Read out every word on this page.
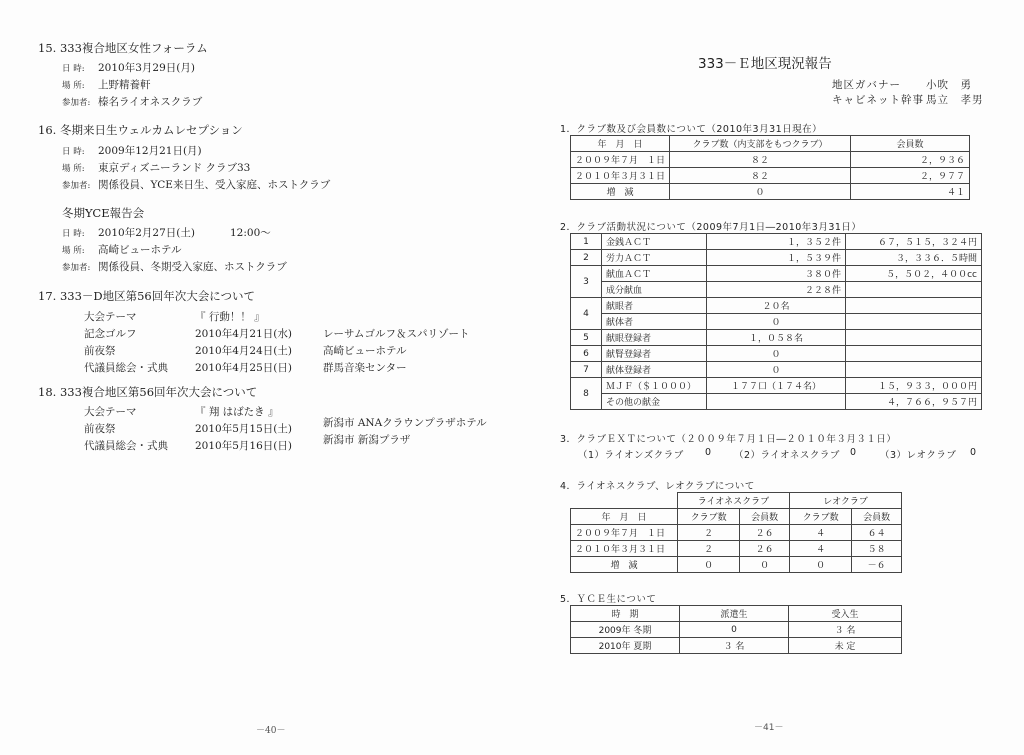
15. 333複合地区女性フォーラム
日 時: 2010年3月29日(月)
場 所: 上野精養軒
参加者: 榛名ライオネスクラブ
16. 冬期来日生ウェルカムレセプション
日 時: 2009年12月21日(月)
場 所: 東京ディズニーランド クラブ33
参加者: 関係役員、YCE来日生、受入家庭、ホストクラブ
冬期YCE報告会
日 時: 2010年2月27日(土)	12:00～
場 所: 高崎ビューホテル
参加者: 関係役員、冬期受入家庭、ホストクラブ
17. 333－D地区第56回年次大会について
大会テーマ	『 行動！！ 』
記念ゴルフ	2010年4月21日(水)	レーサムゴルフ＆スパリゾート
前夜祭	2010年4月24日(土)	高崎ビューホテル
代議員総会・式典	2010年4月25日(日)	群馬音楽センター
18. 333複合地区第56回年次大会について
大会テーマ	『 翔 はばたき 』
前夜祭	2010年5月15日(土)	新潟市 ANAクラウンプラザホテル
代議員総会・式典	2010年5月16日(日)	新潟市 新潟プラザ
－40－
333－Ｅ地区現況報告
地区ガバナー 小吹　勇
キャビネット幹事 馬立　孝男
1．クラブ数及び会員数について（2010年3月31日現在）
年　月　日	クラブ数（内支部をもつクラブ）	会員数
２００９年７月　１日	８２	２，９３６
２０１０年３月３１日	８２	２，９７７
増　減	０	４１
2．クラブ活動状況について（2009年7月1日―2010年3月31日）
1	金銭ＡＣＴ	１，３５２件	６７，５１５，３２４円
2	労力ＡＣＴ	１，５３９件	３，３３６．５時間
3	献血ＡＣＴ	３８０件	５，５０２，４００cc
	成分献血	２２８件	
4	献眼者	２０名	
	献体者	０	
5	献眼登録者	１，０５８名	
6	献腎登録者	０	
7	献体登録者	０	
8	ＭＪＦ（＄１０００）	１７７口（１７４名）	１５，９３３，０００円
	その他の献金		４，７６６，９５７円
3．クラブＥＸＴについて（２００９年７月１日―２０１０年３月３１日）
（1）ライオンズクラブ 0 （2）ライオネスクラブ 0 （3）レオクラブ 0
4．ライオネスクラブ、レオクラブについて
	ライオネスクラブ		レオクラブ	
年　月　日	クラブ数	会員数	クラブ数	会員数
２００９年７月　１日	２	２６	４	６４
２０１０年３月３１日	２	２６	４	５８
増　減	０	０	０	－６
5．ＹＣＥ生について
時　期	派遣生	受入生
2009年 冬期	0	３ 名
2010年 夏期	３ 名	未 定
－41－
